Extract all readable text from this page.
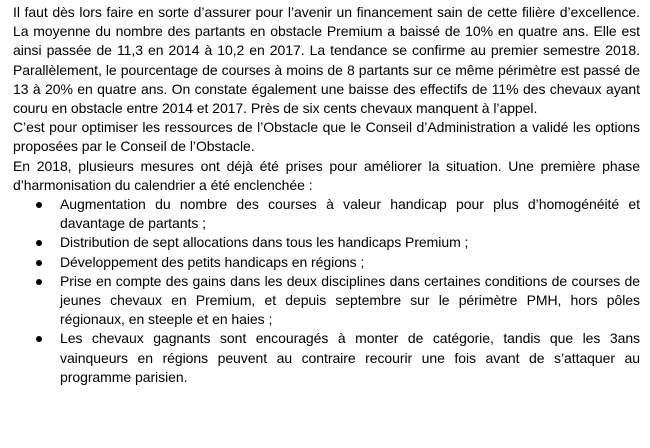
Il faut dès lors faire en sorte d’assurer pour l’avenir un financement sain de cette filière d’excellence. La moyenne du nombre des partants en obstacle Premium a baissé de 10% en quatre ans. Elle est ainsi passée de 11,3 en 2014 à 10,2 en 2017. La tendance se confirme au premier semestre 2018. Parallèlement, le pourcentage de courses à moins de 8 partants sur ce même périmètre est passé de 13 à 20% en quatre ans. On constate également une baisse des effectifs de 11% des chevaux ayant couru en obstacle entre 2014 et 2017. Près de six cents chevaux manquent à l’appel.

C’est pour optimiser les ressources de l’Obstacle que le Conseil d’Administration a validé les options proposées par le Conseil de l’Obstacle.

En 2018, plusieurs mesures ont déjà été prises pour améliorer la situation. Une première phase d’harmonisation du calendrier a été enclenchée :

Augmentation du nombre des courses à valeur handicap pour plus d’homogénéité et davantage de partants ;
Distribution de sept allocations dans tous les handicaps Premium ;
Développement des petits handicaps en régions ;
Prise en compte des gains dans les deux disciplines dans certaines conditions de courses de jeunes chevaux en Premium, et depuis septembre sur le périmètre PMH, hors pôles régionaux, en steeple et en haies ;
Les chevaux gagnants sont encouragés à monter de catégorie, tandis que les 3ans vainqueurs en régions peuvent au contraire recourir une fois avant de s’attaquer au programme parisien.
